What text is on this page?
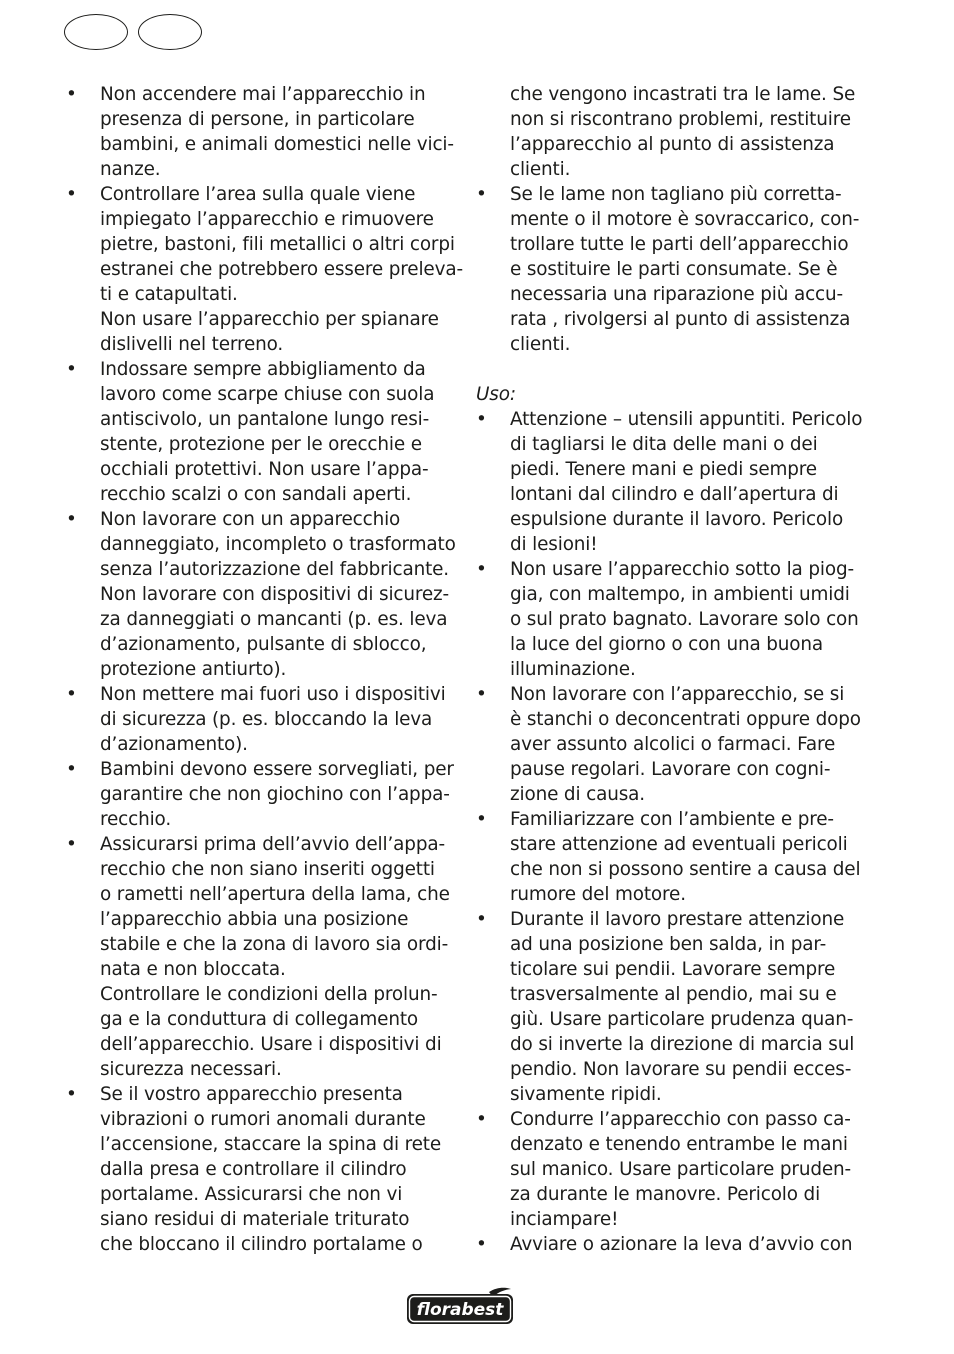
•	Non accendere mai l’apparecchio in
presenza di persone, in particolare
bambini, e animali domestici nelle vici-
nanze.
•	Controllare l’area sulla quale viene
impiegato l’apparecchio e rimuovere
pietre, bastoni, fili metallici o altri corpi
estranei che potrebbero essere preleva-
ti e catapultati.
Non usare l’apparecchio per spianare
dislivelli nel terreno.
•	Indossare sempre abbigliamento da
lavoro come scarpe chiuse con suola
antiscivolo, un pantalone lungo resi-
stente, protezione per le orecchie e
occhiali protettivi. Non usare l’appa-
recchio scalzi o con sandali aperti.
•	Non lavorare con un apparecchio
danneggiato, incompleto o trasformato
senza l’autorizzazione del fabbricante.
Non lavorare con dispositivi di sicurez-
za danneggiati o mancanti (p. es. leva
d’azionamento, pulsante di sblocco,
protezione antiurto).
•	Non mettere mai fuori uso i dispositivi
di sicurezza (p. es. bloccando la leva
d’azionamento).
•	Bambini devono essere sorvegliati, per
garantire che non giochino con l’appa-
recchio.
•	Assicurarsi prima dell’avvio dell’appa-
recchio che non siano inseriti oggetti
o rametti nell’apertura della lama, che
l’apparecchio abbia una posizione
stabile e che la zona di lavoro sia ordi-
nata e non bloccata.
Controllare le condizioni della prolun-
ga e la conduttura di collegamento
dell’apparecchio. Usare i dispositivi di
sicurezza necessari.
•	Se il vostro apparecchio presenta
vibrazioni o rumori anomali durante
l’accensione, staccare la spina di rete
dalla presa e controllare il cilindro
portalame. Assicurarsi che non vi
siano residui di materiale triturato
che bloccano il cilindro portalame o
che vengono incastrati tra le lame. Se
non si riscontrano problemi, restituire
l’apparecchio al punto di assistenza
clienti.
•	Se le lame non tagliano più corretta-
mente o il motore è sovraccarico, con-
trollare tutte le parti dell’apparecchio
e sostituire le parti consumate. Se è
necessaria una riparazione più accu-
rata , rivolgersi al punto di assistenza
clienti.
Uso:
•	Attenzione – utensili appuntiti. Pericolo
di tagliarsi le dita delle mani o dei
piedi. Tenere mani e piedi sempre
lontani dal cilindro e dall’apertura di
espulsione durante il lavoro. Pericolo
di lesioni!
•	Non usare l’apparecchio sotto la piog-
gia, con maltempo, in ambienti umidi
o sul prato bagnato. Lavorare solo con
la luce del giorno o con una buona
illuminazione.
•	Non lavorare con l’apparecchio, se si
è stanchi o deconcentrati oppure dopo
aver assunto alcolici o farmaci. Fare
pause regolari. Lavorare con cogni-
zione di causa.
•	Familiarizzare con l’ambiente e pre-
stare attenzione ad eventuali pericoli
che non si possono sentire a causa del
rumore del motore.
•	Durante il lavoro prestare attenzione
ad una posizione ben salda, in par-
ticolare sui pendii. Lavorare sempre
trasversalmente al pendio, mai su e
giù. Usare particolare prudenza quan-
do si inverte la direzione di marcia sul
pendio. Non lavorare su pendii ecces-
sivamente ripidi.
•	Condurre l’apparecchio con passo ca-
denzato e tenendo entrambe le mani
sul manico. Usare particolare pruden-
za durante le manovre. Pericolo di
inciampare!
•	Avviare o azionare la leva d’avvio con
florabest
